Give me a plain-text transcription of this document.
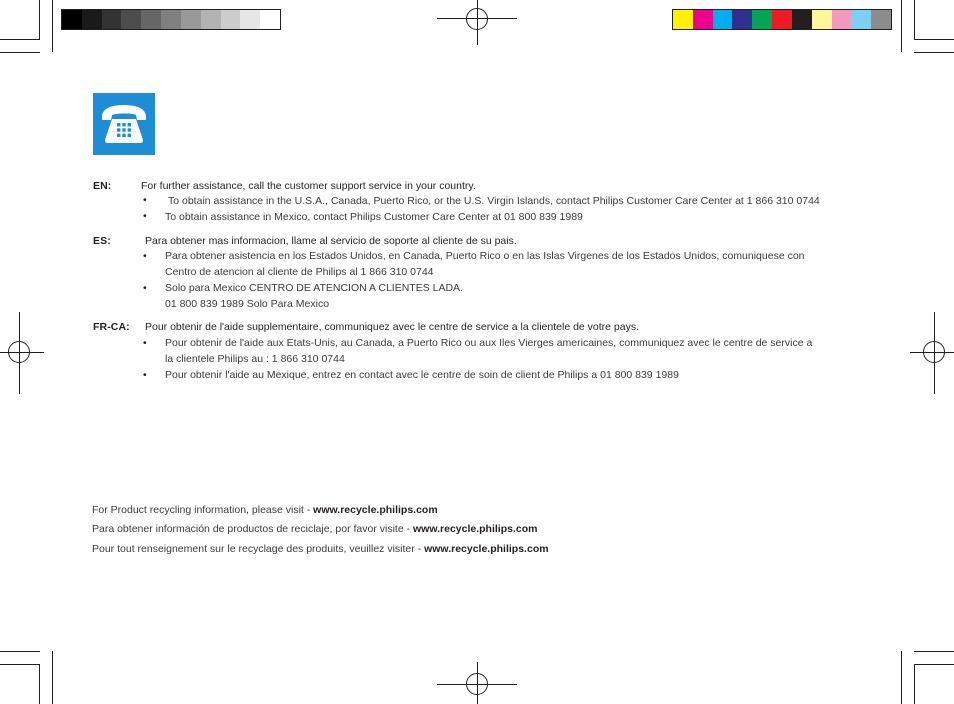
EN:	For further assistance, call the customer support service in your country.
• To obtain assistance in the U.S.A., Canada, Puerto Rico, or the U.S. Virgin Islands, contact Philips Customer Care Center at 1 866 310 0744
• To obtain assistance in Mexico, contact Philips Customer Care Center at 01 800 839 1989
ES:	Para obtener mas informacion, llame al servicio de soporte al cliente de su pais.
• Para obtener asistencia en los Estados Unidos, en Canada, Puerto Rico o en las Islas Virgenes de los Estados Unidos, comuniquese con
Centro de atencion al cliente de Philips al 1 866 310 0744
• Solo para Mexico CENTRO DE ATENCION A CLIENTES LADA.
01 800 839 1989 Solo Para Mexico
FR-CA: Pour obtenir de l'aide supplementaire, communiquez avec le centre de service a la clientele de votre pays.
• Pour obtenir de l'aide aux Etats-Unis, au Canada, a Puerto Rico ou aux Iles Vierges americaines, communiquez avec le centre de service a
la clientele Philips au : 1 866 310 0744
• Pour obtenir l'aide au Mexique, entrez en contact avec le centre de soin de client de Philips a 01 800 839 1989
For Product recycling information, please visit - www.recycle.philips.com
Para obtener información de productos de reciclaje, por favor visite - www.recycle.philips.com
Pour tout renseignement sur le recyclage des produits, veuillez visiter - www.recycle.philips.com
